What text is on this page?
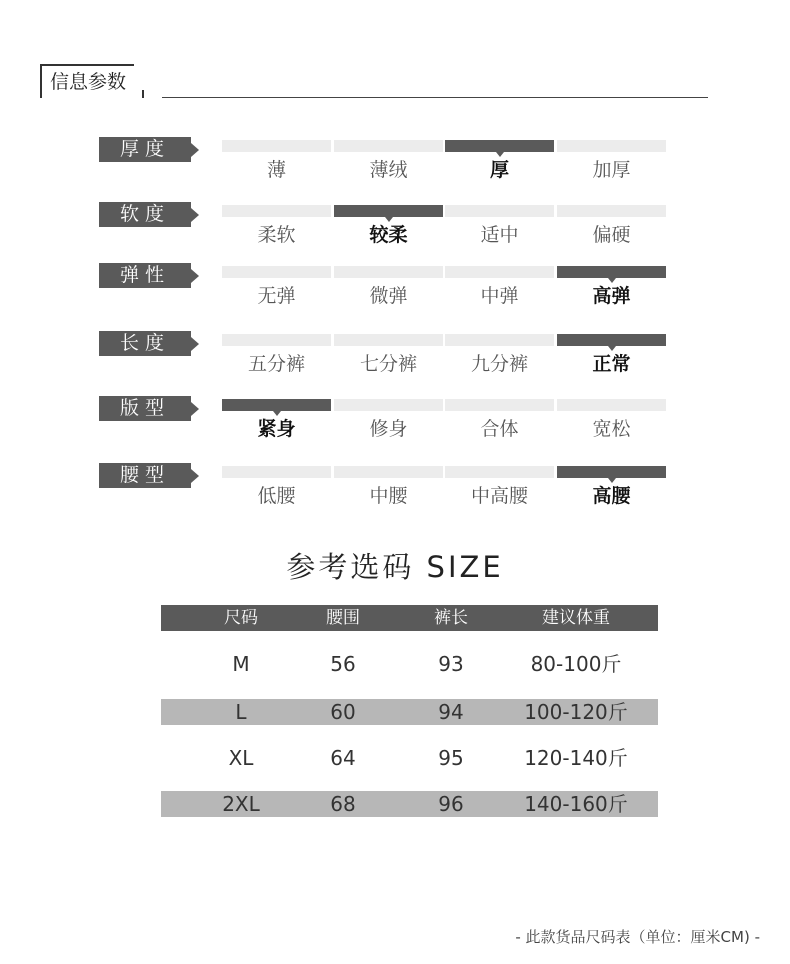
信息参数
厚度
薄	薄绒	厚	加厚
软度
柔软	较柔	适中	偏硬
弹性
无弹	微弹	中弹	高弹
长度
五分裤	七分裤	九分裤	正常
版型
紧身	修身	合体	宽松
腰型
低腰	中腰	中高腰	高腰
参考选码 SIZE
尺码	腰围	裤长	建议体重
M	56	93	80-100斤
L	60	94	100-120斤
XL	64	95	120-140斤
2XL	68	96	140-160斤
- 此款货品尺码表（单位：厘米CM) -
